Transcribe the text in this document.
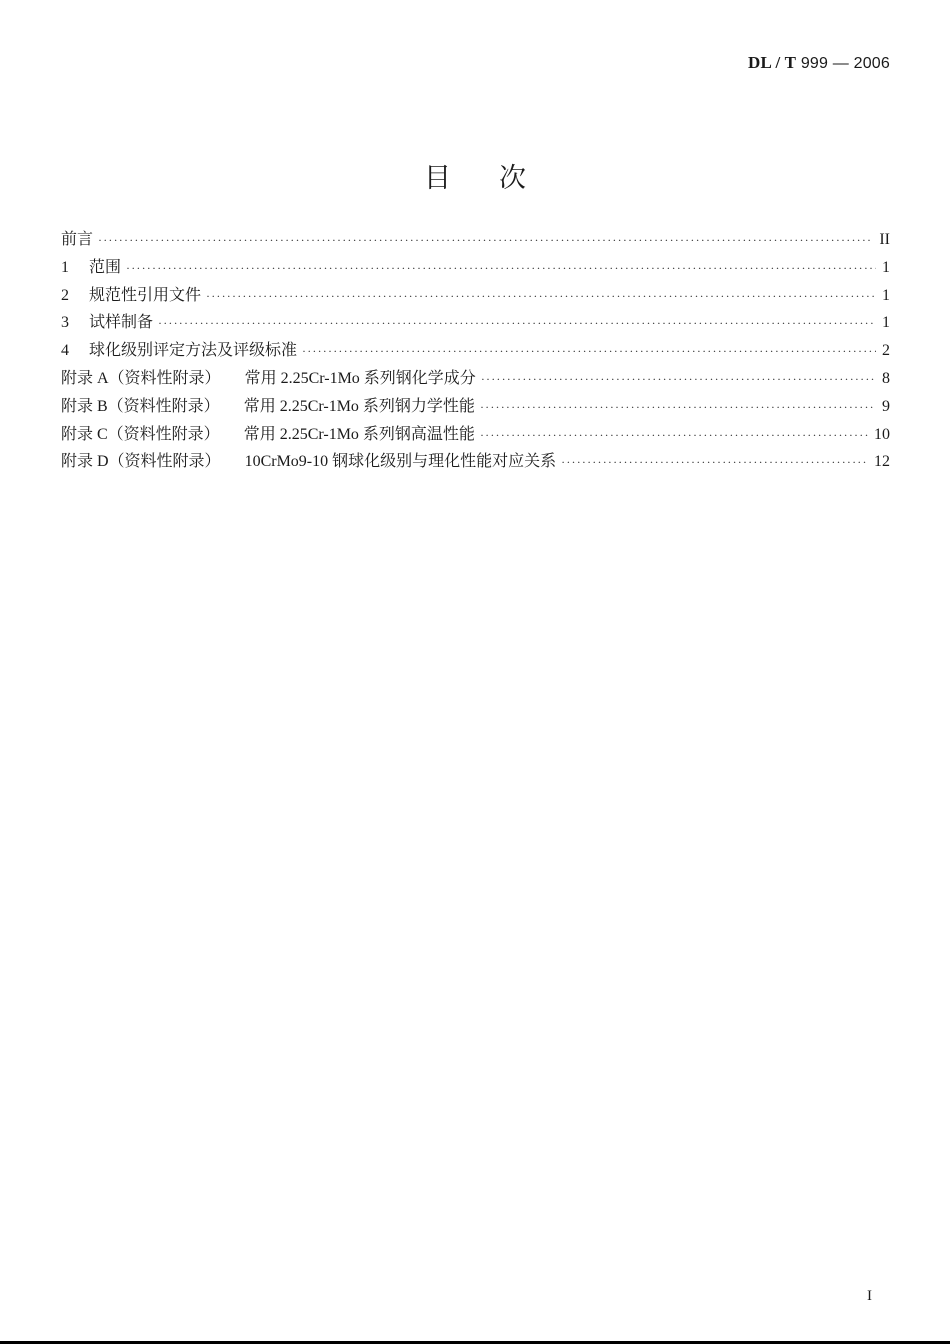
DL / T 999 — 2006
目次
前言 ·····	II
1	范围 ·····	1
2	规范性引用文件 ·····	1
3	试样制备 ·····	1
4	球化级别评定方法及评级标准 ·····	2
附录 A（资料性附录） 常用 2.25Cr-1Mo 系列钢化学成分 ·····	8
附录 B（资料性附录） 常用 2.25Cr-1Mo 系列钢力学性能 ·····	9
附录 C（资料性附录） 常用 2.25Cr-1Mo 系列钢高温性能 ·····	10
附录 D（资料性附录） 10CrMo9-10 钢球化级别与理化性能对应关系 ·····	12
I
